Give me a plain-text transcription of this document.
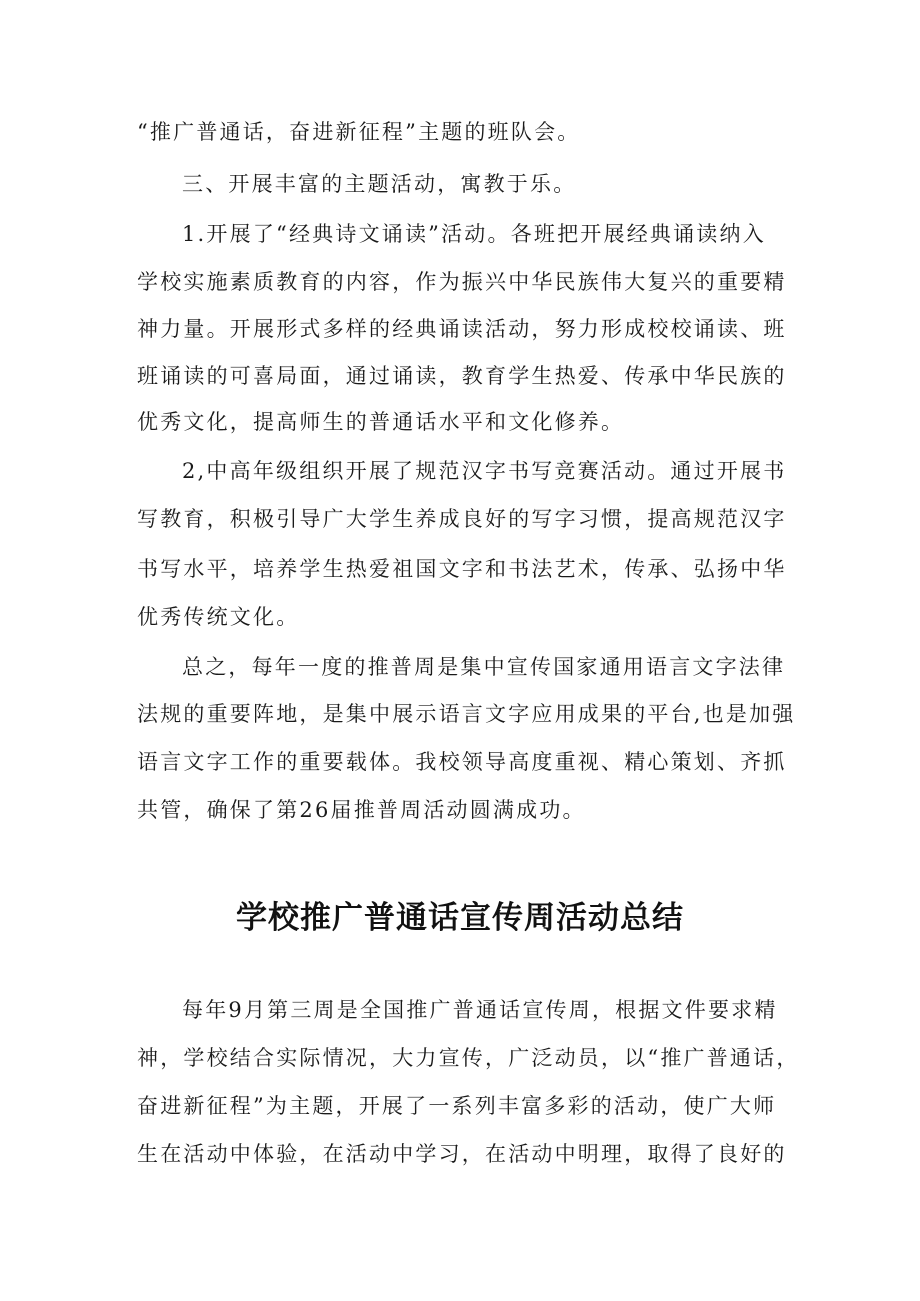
“推广普通话，奋进新征程”主题的班队会。
三、开展丰富的主题活动，寓教于乐。
1.开展了“经典诗文诵读”活动。各班把开展经典诵读纳入
学校实施素质教育的内容，作为振兴中华民族伟大复兴的重要精
神力量。开展形式多样的经典诵读活动，努力形成校校诵读、班
班诵读的可喜局面，通过诵读，教育学生热爱、传承中华民族的
优秀文化，提高师生的普通话水平和文化修养。
2,中高年级组织开展了规范汉字书写竞赛活动。通过开展书
写教育，积极引导广大学生养成良好的写字习惯，提高规范汉字
书写水平，培养学生热爱祖国文字和书法艺术，传承、弘扬中华
优秀传统文化。
总之，每年一度的推普周是集中宣传国家通用语言文字法律
法规的重要阵地，是集中展示语言文字应用成果的平台,也是加强
语言文字工作的重要载体。我校领导高度重视、精心策划、齐抓
共管，确保了第26届推普周活动圆满成功。
学校推广普通话宣传周活动总结
每年9月第三周是全国推广普通话宣传周，根据文件要求精
神，学校结合实际情况，大力宣传，广泛动员，以“推广普通话，
奋进新征程”为主题，开展了一系列丰富多彩的活动，使广大师
生在活动中体验，在活动中学习，在活动中明理，取得了良好的
